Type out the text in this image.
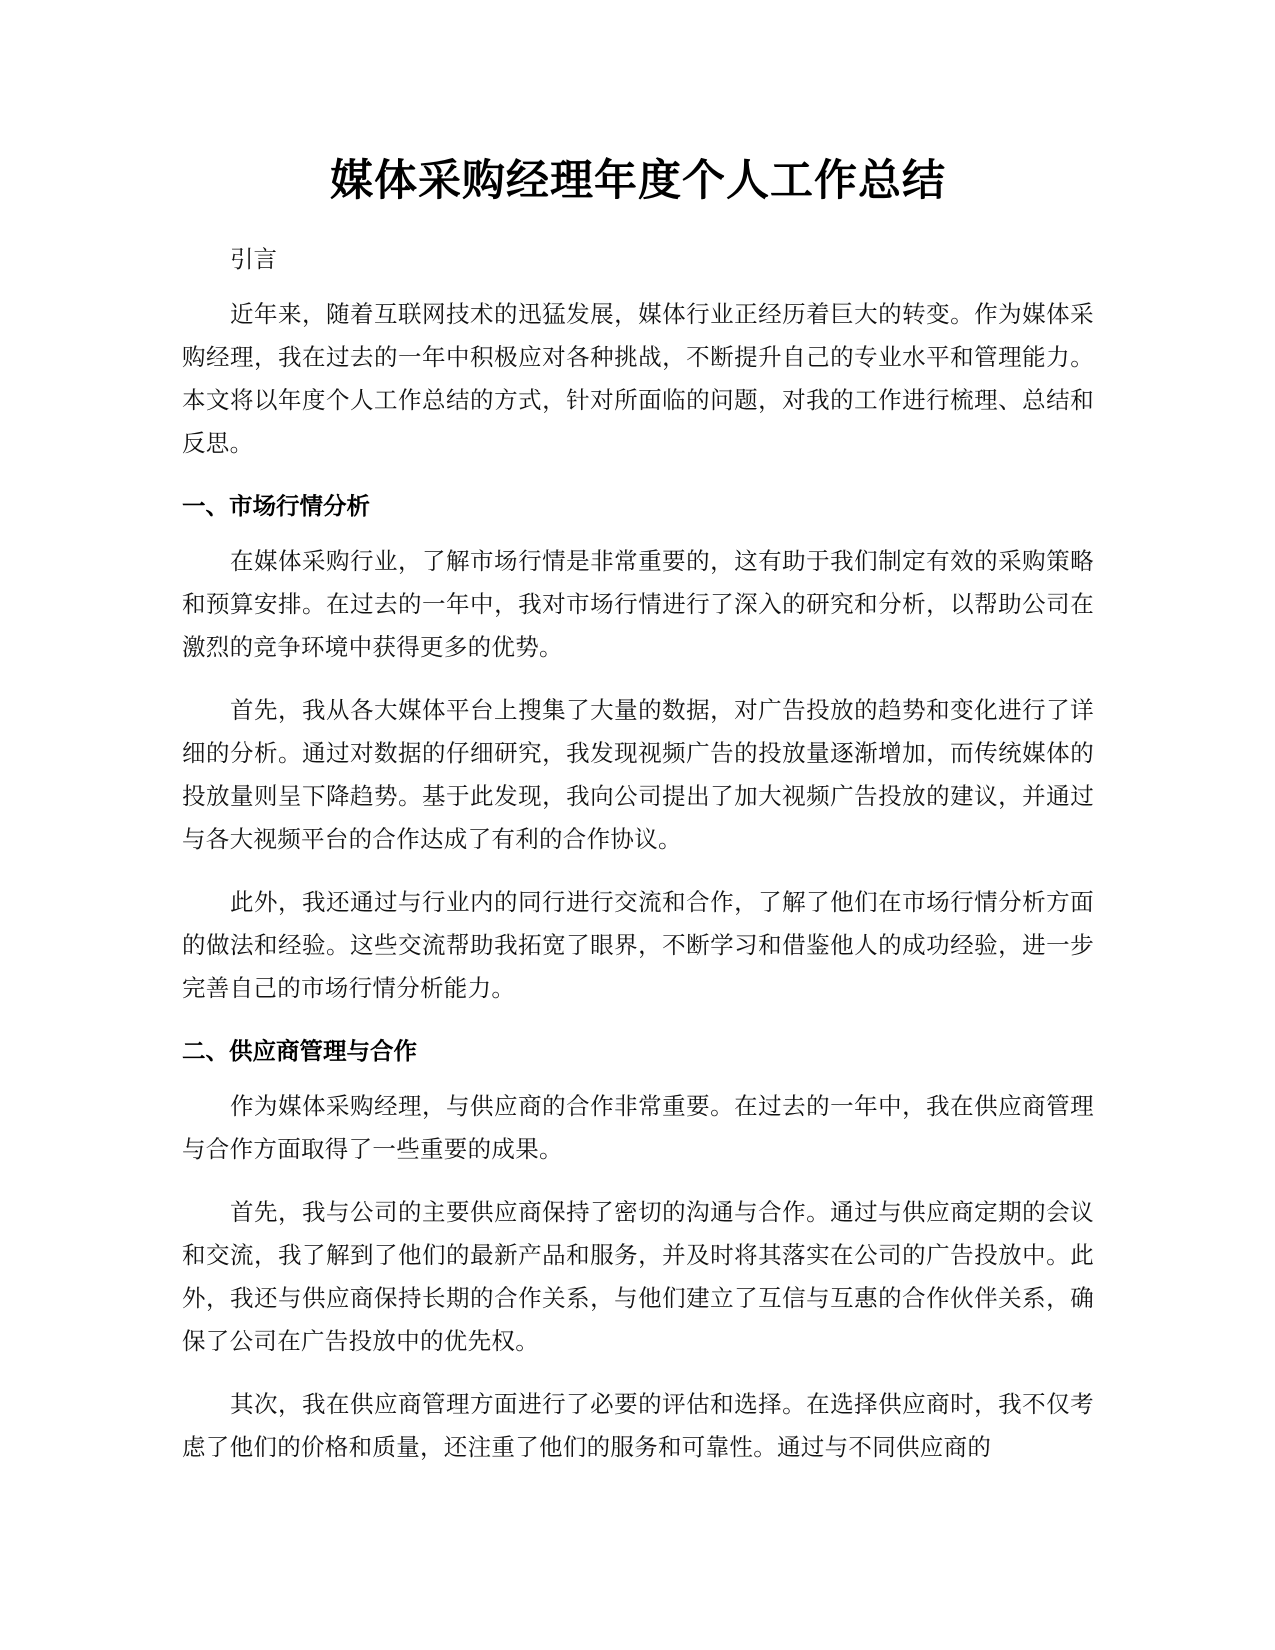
媒体采购经理年度个人工作总结

引言

近年来，随着互联网技术的迅猛发展，媒体行业正经历着巨大的转变。作为媒体采购经理，我在过去的一年中积极应对各种挑战，不断提升自己的专业水平和管理能力。本文将以年度个人工作总结的方式，针对所面临的问题，对我的工作进行梳理、总结和反思。

一、市场行情分析

在媒体采购行业，了解市场行情是非常重要的，这有助于我们制定有效的采购策略和预算安排。在过去的一年中，我对市场行情进行了深入的研究和分析，以帮助公司在激烈的竞争环境中获得更多的优势。

首先，我从各大媒体平台上搜集了大量的数据，对广告投放的趋势和变化进行了详细的分析。通过对数据的仔细研究，我发现视频广告的投放量逐渐增加，而传统媒体的投放量则呈下降趋势。基于此发现，我向公司提出了加大视频广告投放的建议，并通过与各大视频平台的合作达成了有利的合作协议。

此外，我还通过与行业内的同行进行交流和合作，了解了他们在市场行情分析方面的做法和经验。这些交流帮助我拓宽了眼界，不断学习和借鉴他人的成功经验，进一步完善自己的市场行情分析能力。

二、供应商管理与合作

作为媒体采购经理，与供应商的合作非常重要。在过去的一年中，我在供应商管理与合作方面取得了一些重要的成果。

首先，我与公司的主要供应商保持了密切的沟通与合作。通过与供应商定期的会议和交流，我了解到了他们的最新产品和服务，并及时将其落实在公司的广告投放中。此外，我还与供应商保持长期的合作关系，与他们建立了互信与互惠的合作伙伴关系，确保了公司在广告投放中的优先权。

其次，我在供应商管理方面进行了必要的评估和选择。在选择供应商时，我不仅考虑了他们的价格和质量，还注重了他们的服务和可靠性。通过与不同供应商的
